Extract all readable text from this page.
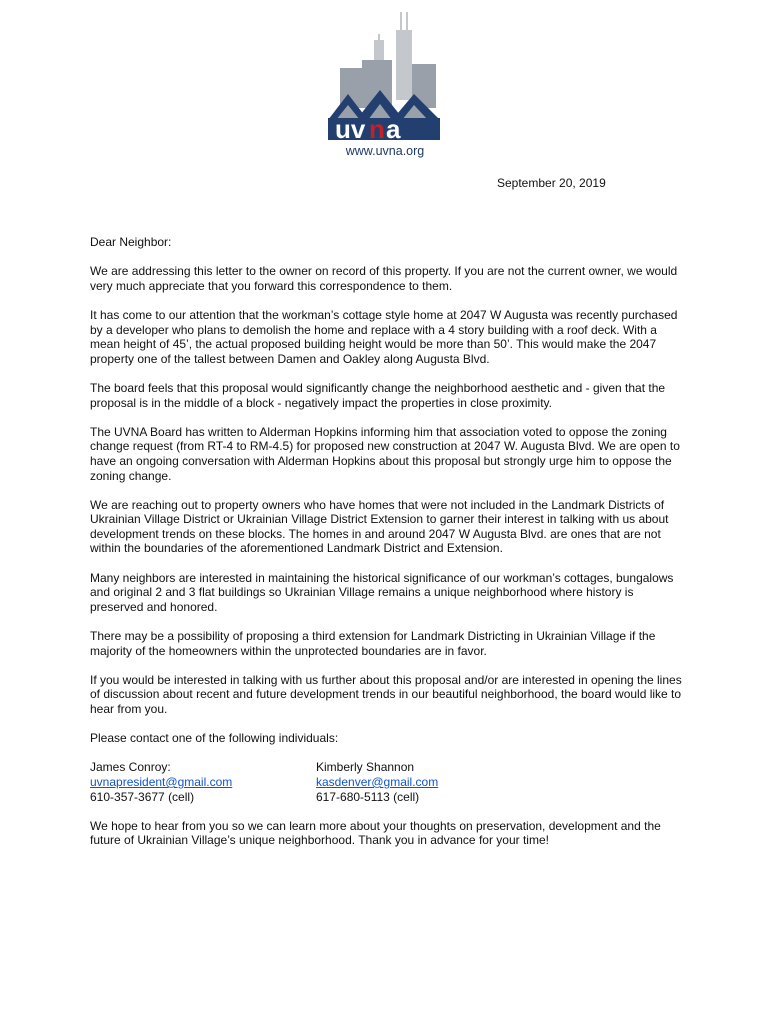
uv n a
www.uvna.org
September 20, 2019

Dear Neighbor:

We are addressing this letter to the owner on record of this property. If you are not the current owner, we would very much appreciate that you forward this correspondence to them.

It has come to our attention that the workman’s cottage style home at 2047 W Augusta was recently purchased by a developer who plans to demolish the home and replace with a 4 story building with a roof deck. With a mean height of 45’, the actual proposed building height would be more than 50’. This would make the 2047 property one of the tallest between Damen and Oakley along Augusta Blvd.

The board feels that this proposal would significantly change the neighborhood aesthetic and - given that the proposal is in the middle of a block - negatively impact the properties in close proximity.

The UVNA Board has written to Alderman Hopkins informing him that association voted to oppose the zoning change request (from RT-4 to RM-4.5) for proposed new construction at 2047 W. Augusta Blvd. We are open to have an ongoing conversation with Alderman Hopkins about this proposal but strongly urge him to oppose the zoning change.

We are reaching out to property owners who have homes that were not included in the Landmark Districts of Ukrainian Village District or Ukrainian Village District Extension to garner their interest in talking with us about development trends on these blocks. The homes in and around 2047 W Augusta Blvd. are ones that are not within the boundaries of the aforementioned Landmark District and Extension.

Many neighbors are interested in maintaining the historical significance of our workman’s cottages, bungalows and original 2 and 3 flat buildings so Ukrainian Village remains a unique neighborhood where history is preserved and honored.

There may be a possibility of proposing a third extension for Landmark Districting in Ukrainian Village if the majority of the homeowners within the unprotected boundaries are in favor.

If you would be interested in talking with us further about this proposal and/or are interested in opening the lines of discussion about recent and future development trends in our beautiful neighborhood, the board would like to hear from you.

Please contact one of the following individuals:

James Conroy:
uvnapresident@gmail.com
610-357-3677 (cell)
Kimberly Shannon
kasdenver@gmail.com
617-680-5113 (cell)

We hope to hear from you so we can learn more about your thoughts on preservation, development and the future of Ukrainian Village’s unique neighborhood. Thank you in advance for your time!
